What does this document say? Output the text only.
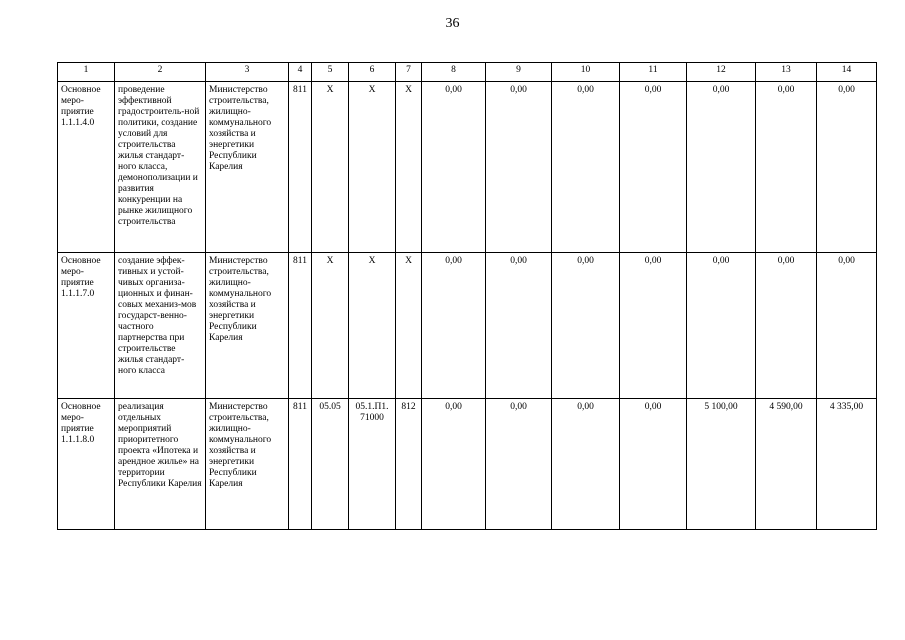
36
1	2	3	4	5	6	7	8	9	10	11	12	13	14
Основное меро-приятие 1.1.1.4.0	проведение эффективной градостроитель-ной политики, создание условий для строительства жилья стандарт-ного класса, демонополизации и развития конкуренции на рынке жилищного строительства	Министерство строительства, жилищно-коммунального хозяйства и энергетики Республики Карелия	811	Х	Х	Х	0,00	0,00	0,00	0,00	0,00	0,00	0,00
Основное меро-приятие 1.1.1.7.0	создание эффек-тивных и устой-чивых организа-ционных и финан-совых механиз-мов государст-венно-частного партнерства при строительстве жилья стандарт-ного класса	Министерство строительства, жилищно-коммунального хозяйства и энергетики Республики Карелия	811	Х	Х	Х	0,00	0,00	0,00	0,00	0,00	0,00	0,00
Основное меро-приятие 1.1.1.8.0	реализация отдельных мероприятий приоритетного проекта «Ипотека и арендное жилье» на территории Республики Карелия	Министерство строительства, жилищно-коммунального хозяйства и энергетики Республики Карелия	811	05.05	05.1.П1. 71000	812	0,00	0,00	0,00	0,00	5 100,00	4 590,00	4 335,00
